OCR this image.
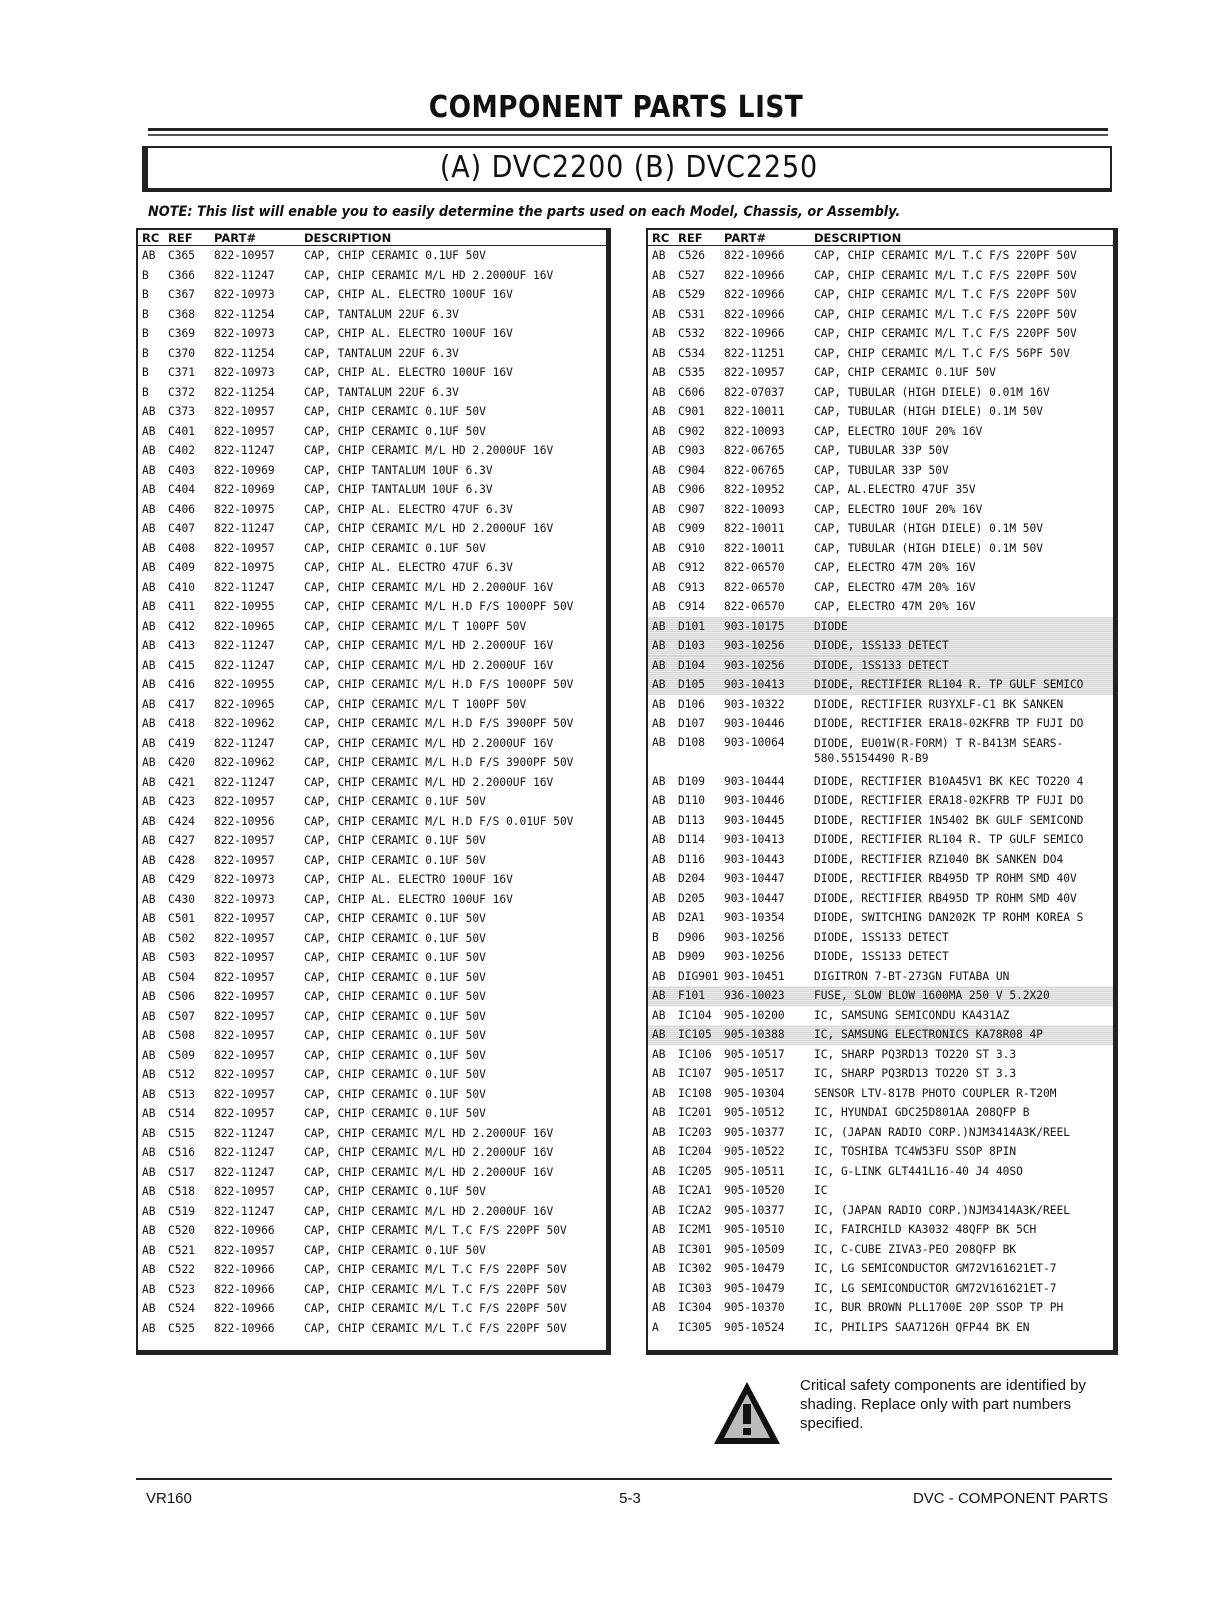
COMPONENT PARTS LIST
(A) DVC2200 (B) DVC2250
NOTE: This list will enable you to easily determine the parts used on each Model, Chassis, or Assembly.
RC	REF	PART#	DESCRIPTION
AB	C365	822-10957	CAP, CHIP CERAMIC 0.1UF 50V
B	C366	822-11247	CAP, CHIP CERAMIC M/L HD 2.2000UF 16V
B	C367	822-10973	CAP, CHIP AL. ELECTRO 100UF 16V
B	C368	822-11254	CAP, TANTALUM 22UF 6.3V
B	C369	822-10973	CAP, CHIP AL. ELECTRO 100UF 16V
B	C370	822-11254	CAP, TANTALUM 22UF 6.3V
B	C371	822-10973	CAP, CHIP AL. ELECTRO 100UF 16V
B	C372	822-11254	CAP, TANTALUM 22UF 6.3V
AB	C373	822-10957	CAP, CHIP CERAMIC 0.1UF 50V
AB	C401	822-10957	CAP, CHIP CERAMIC 0.1UF 50V
AB	C402	822-11247	CAP, CHIP CERAMIC M/L HD 2.2000UF 16V
AB	C403	822-10969	CAP, CHIP TANTALUM 10UF 6.3V
AB	C404	822-10969	CAP, CHIP TANTALUM 10UF 6.3V
AB	C406	822-10975	CAP, CHIP AL. ELECTRO 47UF 6.3V
AB	C407	822-11247	CAP, CHIP CERAMIC M/L HD 2.2000UF 16V
AB	C408	822-10957	CAP, CHIP CERAMIC 0.1UF 50V
AB	C409	822-10975	CAP, CHIP AL. ELECTRO 47UF 6.3V
AB	C410	822-11247	CAP, CHIP CERAMIC M/L HD 2.2000UF 16V
AB	C411	822-10955	CAP, CHIP CERAMIC M/L H.D F/S 1000PF 50V
AB	C412	822-10965	CAP, CHIP CERAMIC M/L T 100PF 50V
AB	C413	822-11247	CAP, CHIP CERAMIC M/L HD 2.2000UF 16V
AB	C415	822-11247	CAP, CHIP CERAMIC M/L HD 2.2000UF 16V
AB	C416	822-10955	CAP, CHIP CERAMIC M/L H.D F/S 1000PF 50V
AB	C417	822-10965	CAP, CHIP CERAMIC M/L T 100PF 50V
AB	C418	822-10962	CAP, CHIP CERAMIC M/L H.D F/S 3900PF 50V
AB	C419	822-11247	CAP, CHIP CERAMIC M/L HD 2.2000UF 16V
AB	C420	822-10962	CAP, CHIP CERAMIC M/L H.D F/S 3900PF 50V
AB	C421	822-11247	CAP, CHIP CERAMIC M/L HD 2.2000UF 16V
AB	C423	822-10957	CAP, CHIP CERAMIC 0.1UF 50V
AB	C424	822-10956	CAP, CHIP CERAMIC M/L H.D F/S 0.01UF 50V
AB	C427	822-10957	CAP, CHIP CERAMIC 0.1UF 50V
AB	C428	822-10957	CAP, CHIP CERAMIC 0.1UF 50V
AB	C429	822-10973	CAP, CHIP AL. ELECTRO 100UF 16V
AB	C430	822-10973	CAP, CHIP AL. ELECTRO 100UF 16V
AB	C501	822-10957	CAP, CHIP CERAMIC 0.1UF 50V
AB	C502	822-10957	CAP, CHIP CERAMIC 0.1UF 50V
AB	C503	822-10957	CAP, CHIP CERAMIC 0.1UF 50V
AB	C504	822-10957	CAP, CHIP CERAMIC 0.1UF 50V
AB	C506	822-10957	CAP, CHIP CERAMIC 0.1UF 50V
AB	C507	822-10957	CAP, CHIP CERAMIC 0.1UF 50V
AB	C508	822-10957	CAP, CHIP CERAMIC 0.1UF 50V
AB	C509	822-10957	CAP, CHIP CERAMIC 0.1UF 50V
AB	C512	822-10957	CAP, CHIP CERAMIC 0.1UF 50V
AB	C513	822-10957	CAP, CHIP CERAMIC 0.1UF 50V
AB	C514	822-10957	CAP, CHIP CERAMIC 0.1UF 50V
AB	C515	822-11247	CAP, CHIP CERAMIC M/L HD 2.2000UF 16V
AB	C516	822-11247	CAP, CHIP CERAMIC M/L HD 2.2000UF 16V
AB	C517	822-11247	CAP, CHIP CERAMIC M/L HD 2.2000UF 16V
AB	C518	822-10957	CAP, CHIP CERAMIC 0.1UF 50V
AB	C519	822-11247	CAP, CHIP CERAMIC M/L HD 2.2000UF 16V
AB	C520	822-10966	CAP, CHIP CERAMIC M/L T.C F/S 220PF 50V
AB	C521	822-10957	CAP, CHIP CERAMIC 0.1UF 50V
AB	C522	822-10966	CAP, CHIP CERAMIC M/L T.C F/S 220PF 50V
AB	C523	822-10966	CAP, CHIP CERAMIC M/L T.C F/S 220PF 50V
AB	C524	822-10966	CAP, CHIP CERAMIC M/L T.C F/S 220PF 50V
AB	C525	822-10966	CAP, CHIP CERAMIC M/L T.C F/S 220PF 50V
RC	REF	PART#	DESCRIPTION
AB	C526	822-10966	CAP, CHIP CERAMIC M/L T.C F/S 220PF 50V
AB	C527	822-10966	CAP, CHIP CERAMIC M/L T.C F/S 220PF 50V
AB	C529	822-10966	CAP, CHIP CERAMIC M/L T.C F/S 220PF 50V
AB	C531	822-10966	CAP, CHIP CERAMIC M/L T.C F/S 220PF 50V
AB	C532	822-10966	CAP, CHIP CERAMIC M/L T.C F/S 220PF 50V
AB	C534	822-11251	CAP, CHIP CERAMIC M/L T.C F/S 56PF 50V
AB	C535	822-10957	CAP, CHIP CERAMIC 0.1UF 50V
AB	C606	822-07037	CAP, TUBULAR (HIGH DIELE) 0.01M 16V
AB	C901	822-10011	CAP, TUBULAR (HIGH DIELE) 0.1M 50V
AB	C902	822-10093	CAP, ELECTRO 10UF 20% 16V
AB	C903	822-06765	CAP, TUBULAR 33P 50V
AB	C904	822-06765	CAP, TUBULAR 33P 50V
AB	C906	822-10952	CAP, AL.ELECTRO 47UF 35V
AB	C907	822-10093	CAP, ELECTRO 10UF 20% 16V
AB	C909	822-10011	CAP, TUBULAR (HIGH DIELE) 0.1M 50V
AB	C910	822-10011	CAP, TUBULAR (HIGH DIELE) 0.1M 50V
AB	C912	822-06570	CAP, ELECTRO 47M 20% 16V
AB	C913	822-06570	CAP, ELECTRO 47M 20% 16V
AB	C914	822-06570	CAP, ELECTRO 47M 20% 16V
AB	D101	903-10175	DIODE
AB	D103	903-10256	DIODE, 1SS133 DETECT
AB	D104	903-10256	DIODE, 1SS133 DETECT
AB	D105	903-10413	DIODE, RECTIFIER RL104 R. TP GULF SEMICO
AB	D106	903-10322	DIODE, RECTIFIER RU3YXLF-C1 BK SANKEN
AB	D107	903-10446	DIODE, RECTIFIER ERA18-02KFRB TP FUJI DO
AB	D108	903-10064	DIODE, EU01W(R-FORM) T R-B413M SEARS-580.55154490 R-B9
AB	D109	903-10444	DIODE, RECTIFIER B10A45V1 BK KEC TO220 4
AB	D110	903-10446	DIODE, RECTIFIER ERA18-02KFRB TP FUJI DO
AB	D113	903-10445	DIODE, RECTIFIER 1N5402 BK GULF SEMICOND
AB	D114	903-10413	DIODE, RECTIFIER RL104 R. TP GULF SEMICO
AB	D116	903-10443	DIODE, RECTIFIER RZ1040 BK SANKEN DO4
AB	D204	903-10447	DIODE, RECTIFIER RB495D TP ROHM SMD 40V
AB	D205	903-10447	DIODE, RECTIFIER RB495D TP ROHM SMD 40V
AB	D2A1	903-10354	DIODE, SWITCHING DAN202K TP ROHM KOREA S
B	D906	903-10256	DIODE, 1SS133 DETECT
AB	D909	903-10256	DIODE, 1SS133 DETECT
AB	DIG901	903-10451	DIGITRON 7-BT-273GN FUTABA UN
AB	F101	936-10023	FUSE, SLOW BLOW 1600MA 250 V 5.2X20
AB	IC104	905-10200	IC, SAMSUNG SEMICONDU KA431AZ
AB	IC105	905-10388	IC, SAMSUNG ELECTRONICS KA78R08 4P
AB	IC106	905-10517	IC, SHARP PQ3RD13 TO220 ST 3.3
AB	IC107	905-10517	IC, SHARP PQ3RD13 TO220 ST 3.3
AB	IC108	905-10304	SENSOR LTV-817B PHOTO COUPLER R-T20M
AB	IC201	905-10512	IC, HYUNDAI GDC25D801AA 208QFP B
AB	IC203	905-10377	IC, (JAPAN RADIO CORP.)NJM3414A3K/REEL
AB	IC204	905-10522	IC, TOSHIBA TC4W53FU SSOP 8PIN
AB	IC205	905-10511	IC, G-LINK GLT441L16-40 J4 40SO
AB	IC2A1	905-10520	IC
AB	IC2A2	905-10377	IC, (JAPAN RADIO CORP.)NJM3414A3K/REEL
AB	IC2M1	905-10510	IC, FAIRCHILD KA3032 48QFP BK 5CH
AB	IC301	905-10509	IC, C-CUBE ZIVA3-PEO 208QFP BK
AB	IC302	905-10479	IC, LG SEMICONDUCTOR GM72V161621ET-7
AB	IC303	905-10479	IC, LG SEMICONDUCTOR GM72V161621ET-7
AB	IC304	905-10370	IC, BUR BROWN PLL1700E 20P SSOP TP PH
A	IC305	905-10524	IC, PHILIPS SAA7126H QFP44 BK EN
Critical safety components are identified by shading. Replace only with part numbers specified.
VR160	5-3	DVC - COMPONENT PARTS
